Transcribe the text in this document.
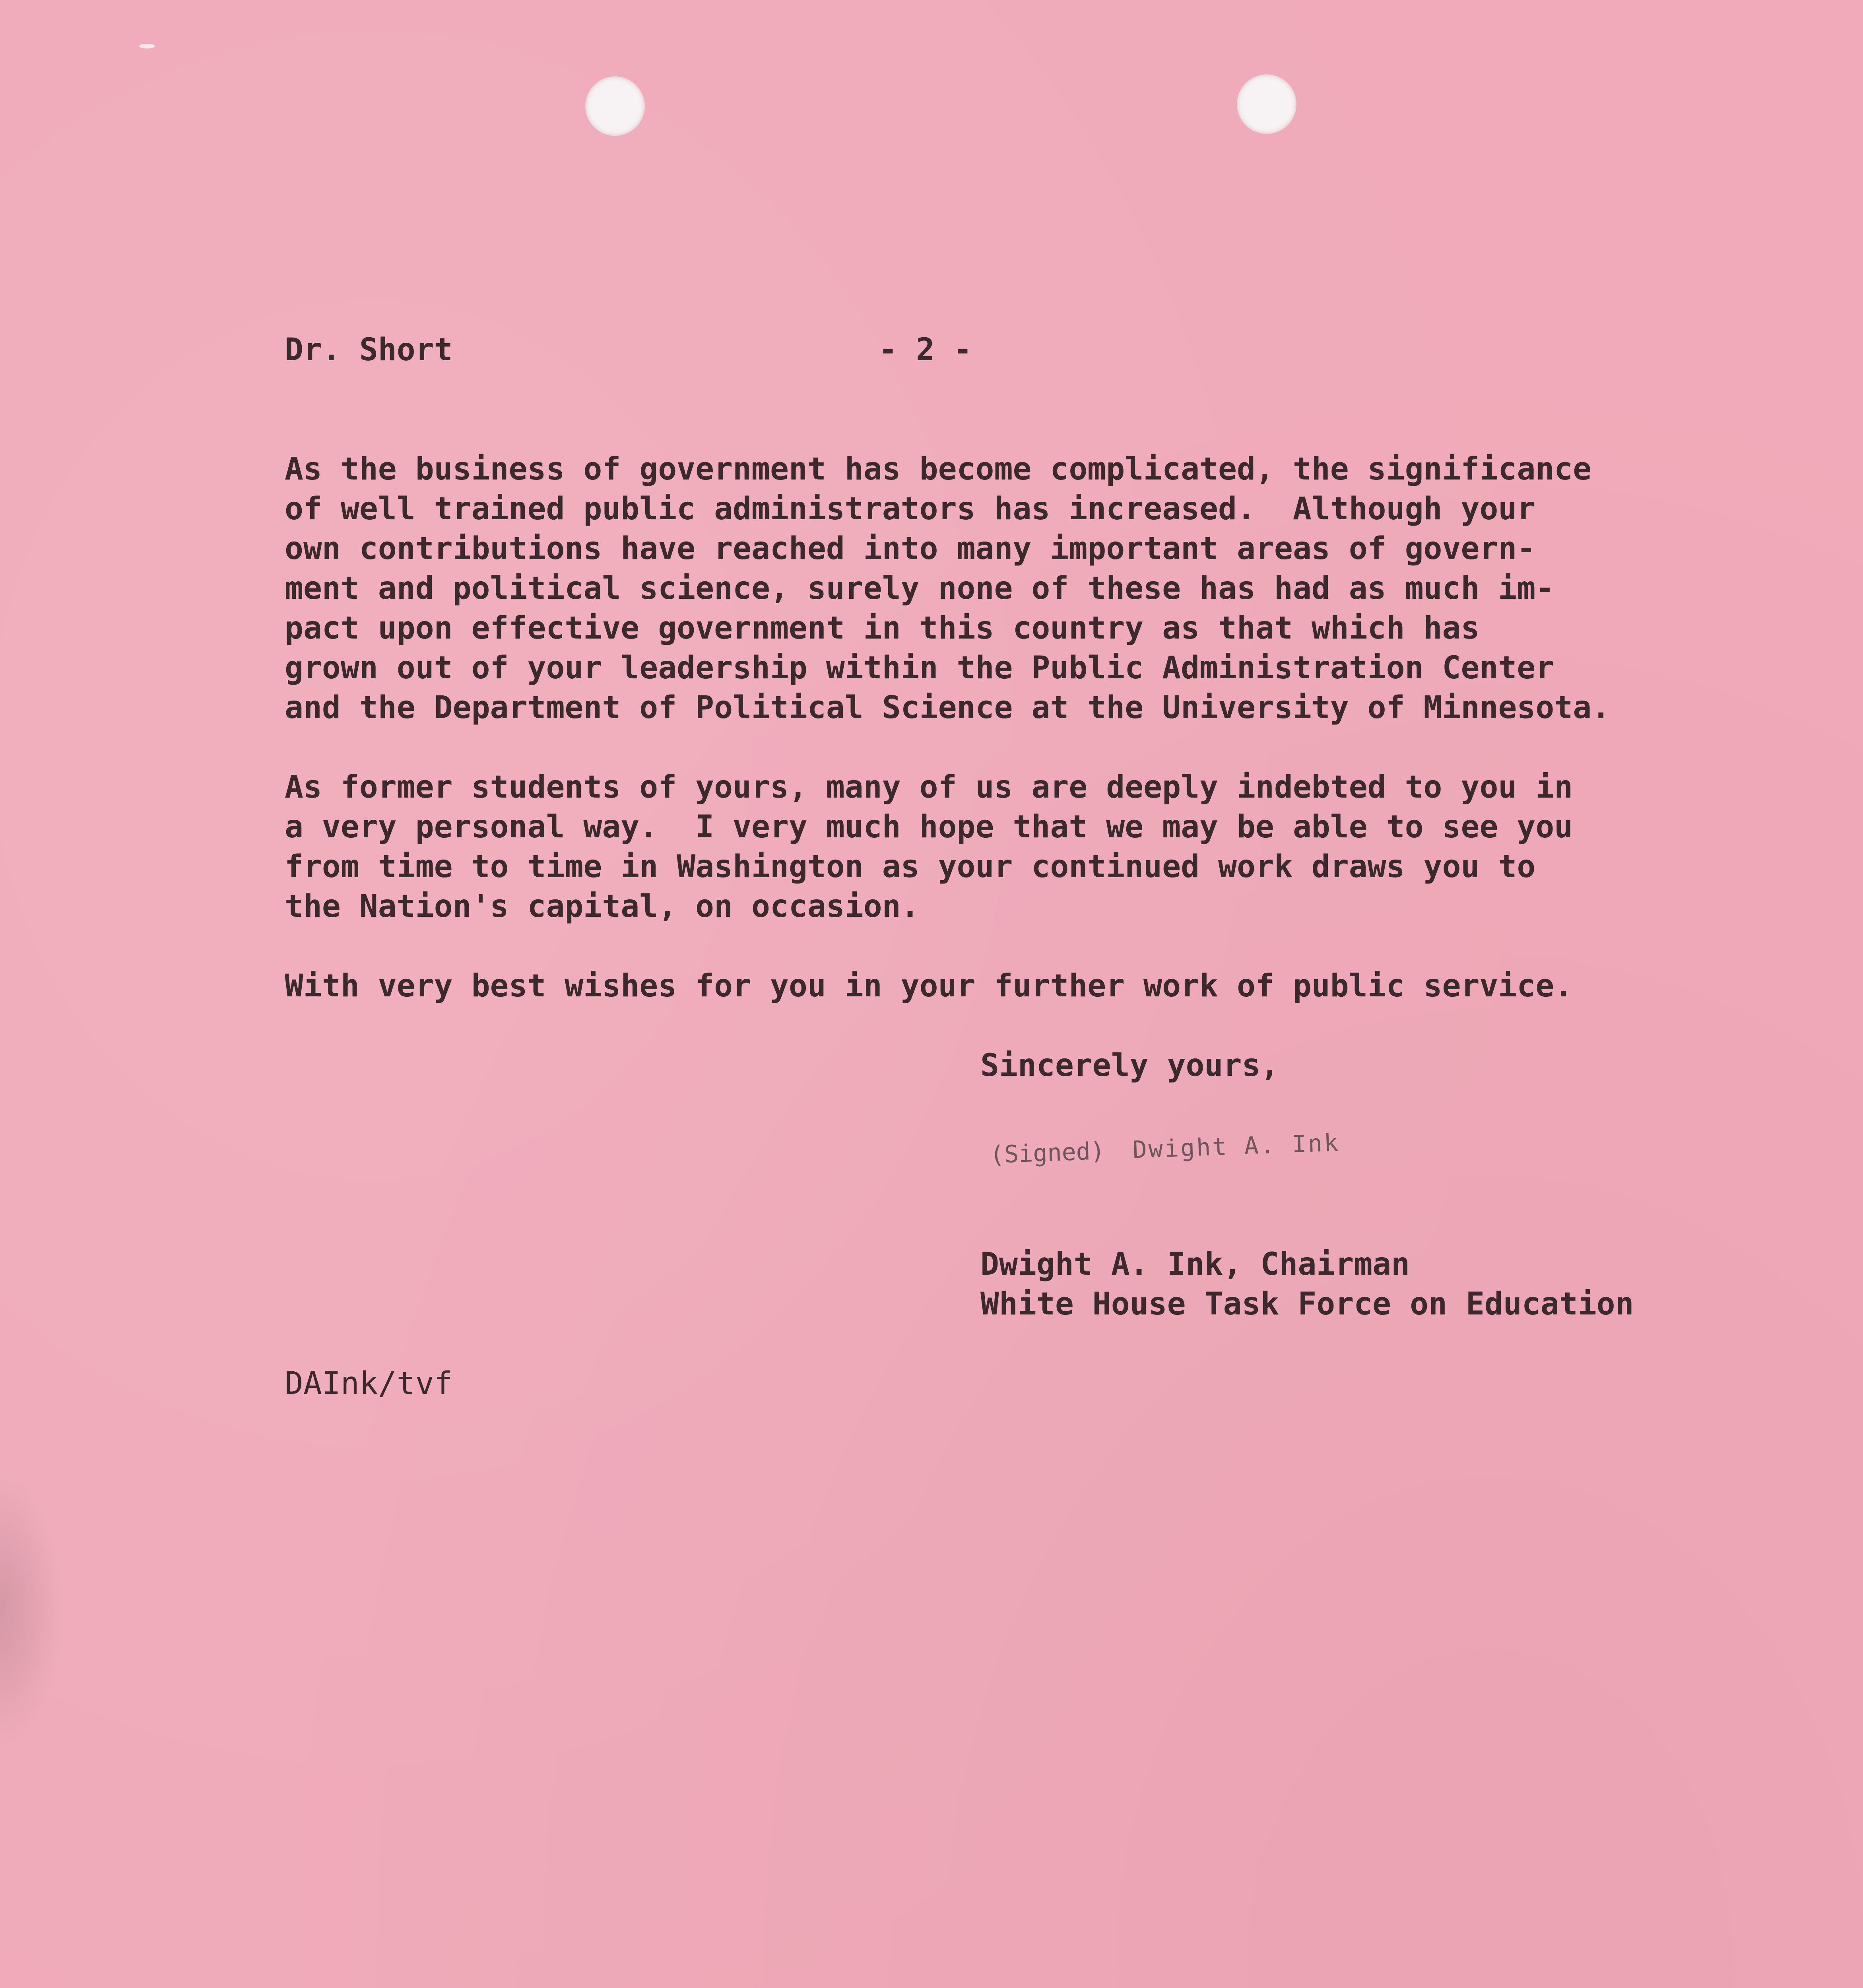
Dr. Short	- 2 -
As the business of government has become complicated, the significance
of well trained public administrators has increased.  Although your
own contributions have reached into many important areas of govern-
ment and political science, surely none of these has had as much im-
pact upon effective government in this country as that which has
grown out of your leadership within the Public Administration Center
and the Department of Political Science at the University of Minnesota.
As former students of yours, many of us are deeply indebted to you in
a very personal way.  I very much hope that we may be able to see you
from time to time in Washington as your continued work draws you to
the Nation's capital, on occasion.
With very best wishes for you in your further work of public service.
Sincerely yours,
(Signed) Dwight A. Ink
Dwight A. Ink, Chairman
White House Task Force on Education
DAInk/tvf
